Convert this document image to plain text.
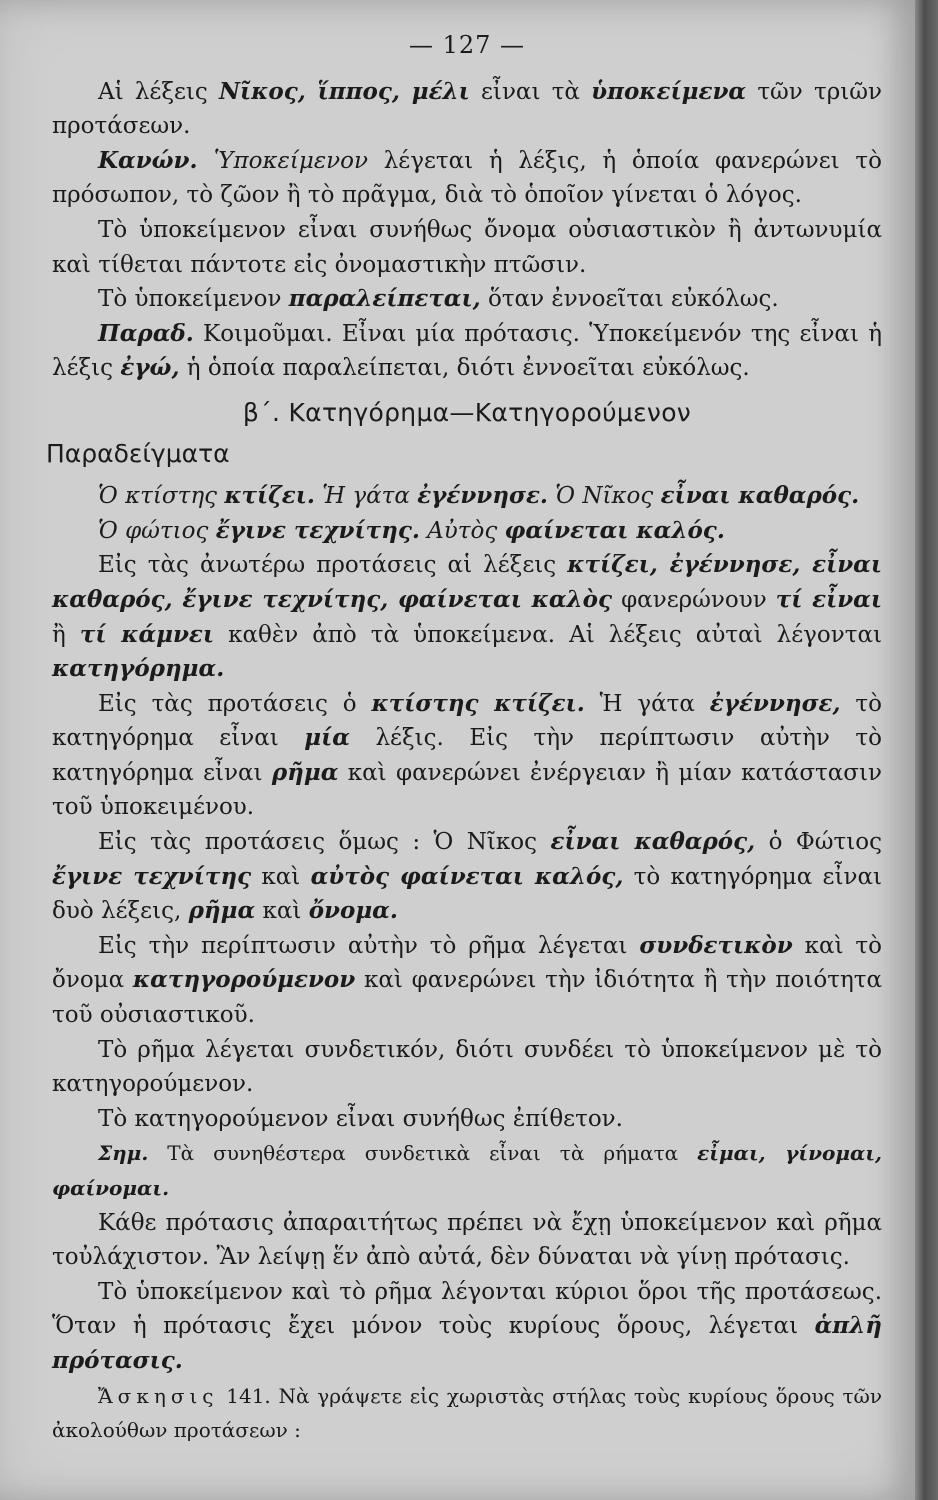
— 127 —

Αἱ λέξεις Νῖκος, ἵππος, μέλι εἶναι τὰ ὑποκείμενα τῶν τριῶν προτάσεων.

Κανών. Ὑποκείμενον λέγεται ἡ λέξις, ἡ ὁποία φανερώνει τὸ πρόσωπον, τὸ ζῶον ἢ τὸ πρᾶγμα, διὰ τὸ ὁποῖον γίνεται ὁ λόγος.

Τὸ ὑποκείμενον εἶναι συνήθως ὄνομα οὐσιαστικὸν ἢ ἀντωνυμία καὶ τίθεται πάντοτε εἰς ὀνομαστικὴν πτῶσιν.

Τὸ ὑποκείμενον παραλείπεται, ὅταν ἐννοεῖται εὐκόλως.

Παραδ. Κοιμοῦμαι. Εἶναι μία πρότασις. Ὑποκείμενόν της εἶναι ἡ λέξις ἐγώ, ἡ ὁποία παραλείπεται, διότι ἐννοεῖται εὐκόλως.

β΄. Κατηγόρημα—Κατηγορούμενον
Παραδείγματα

Ὁ κτίστης κτίζει. Ἡ γάτα ἐγέννησε. Ὁ Νῖκος εἶναι καθαρός.

Ὁ φώτιος ἔγινε τεχνίτης. Αὐτὸς φαίνεται καλός.

Εἰς τὰς ἀνωτέρω προτάσεις αἱ λέξεις κτίζει, ἐγέννησε, εἶναι καθαρός, ἔγινε τεχνίτης, φαίνεται καλὸς φανερώνουν τί εἶναι ἢ τί κάμνει καθὲν ἀπὸ τὰ ὑποκείμενα. Αἱ λέξεις αὐταὶ λέγονται κατηγόρημα.

Εἰς τὰς προτάσεις ὁ κτίστης κτίζει. Ἡ γάτα ἐγέννησε, τὸ κατηγόρημα εἶναι μία λέξις. Εἰς τὴν περίπτωσιν αὐτὴν τὸ κατηγόρημα εἶναι ρῆμα καὶ φανερώνει ἐνέργειαν ἢ μίαν κατάστασιν τοῦ ὑποκειμένου.

Εἰς τὰς προτάσεις ὅμως : Ὁ Νῖκος εἶναι καθαρός, ὁ Φώτιος ἔγινε τεχνίτης καὶ αὐτὸς φαίνεται καλός, τὸ κατηγόρημα εἶναι δυὸ λέξεις, ρῆμα καὶ ὄνομα.

Εἰς τὴν περίπτωσιν αὐτὴν τὸ ρῆμα λέγεται συνδετικὸν καὶ τὸ ὄνομα κατηγορούμενον καὶ φανερώνει τὴν ἰδιότητα ἢ τὴν ποιότητα τοῦ οὐσιαστικοῦ.

Τὸ ρῆμα λέγεται συνδετικόν, διότι συνδέει τὸ ὑποκείμενον μὲ τὸ κατηγορούμενον.

Τὸ κατηγορούμενον εἶναι συνήθως ἐπίθετον.

Σημ. Τὰ συνηθέστερα συνδετικὰ εἶναι τὰ ρήματα εἶμαι, γίνομαι, φαίνομαι.

Κάθε πρότασις ἀπαραιτήτως πρέπει νὰ ἔχῃ ὑποκείμενον καὶ ρῆμα τοὐλάχιστον. Ἂν λείψῃ ἕν ἀπὸ αὐτά, δὲν δύναται νὰ γίνῃ πρότασις.

Τὸ ὑποκείμενον καὶ τὸ ρῆμα λέγονται κύριοι ὅροι τῆς προτάσεως. Ὅταν ἡ πρότασις ἔχει μόνον τοὺς κυρίους ὅρους, λέγεται ἁπλῆ πρότασις.

Ἄσκησις 141. Νὰ γράψετε εἰς χωριστὰς στήλας τοὺς κυρίους ὅρους τῶν ἀκολούθων προτάσεων :
